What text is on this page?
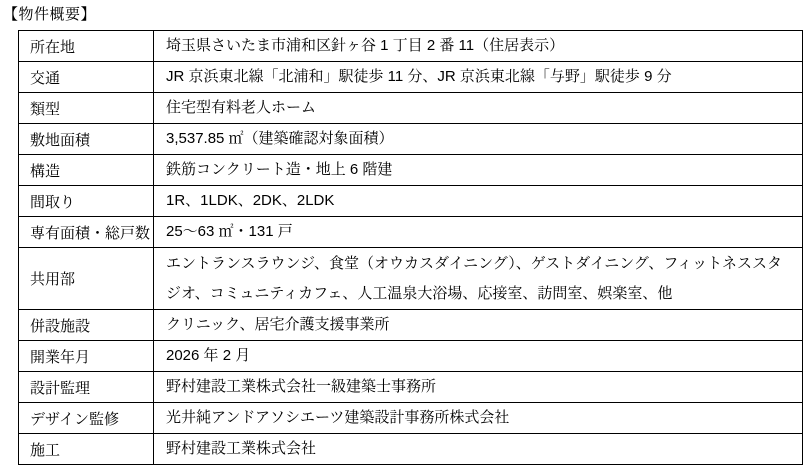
【物件概要】
所在地	埼玉県さいたま市浦和区針ヶ谷 1 丁目 2 番 11（住居表示）
交通	JR 京浜東北線「北浦和」駅徒歩 11 分、JR 京浜東北線「与野」駅徒歩 9 分
類型	住宅型有料老人ホーム
敷地面積	3,537.85 ㎡（建築確認対象面積）
構造	鉄筋コンクリート造・地上 6 階建
間取り	1R、1LDK、2DK、2LDK
専有面積・総戸数	25～63 ㎡・131 戸
共用部	エントランスラウンジ、食堂（オウカスダイニング）、ゲストダイニング、フィットネススタジオ、コミュニティカフェ、人工温泉大浴場、応接室、訪問室、娯楽室、他
併設施設	クリニック、居宅介護支援事業所
開業年月	2026 年 2 月
設計監理	野村建設工業株式会社一級建築士事務所
デザイン監修	光井純アンドアソシエーツ建築設計事務所株式会社
施工	野村建設工業株式会社
